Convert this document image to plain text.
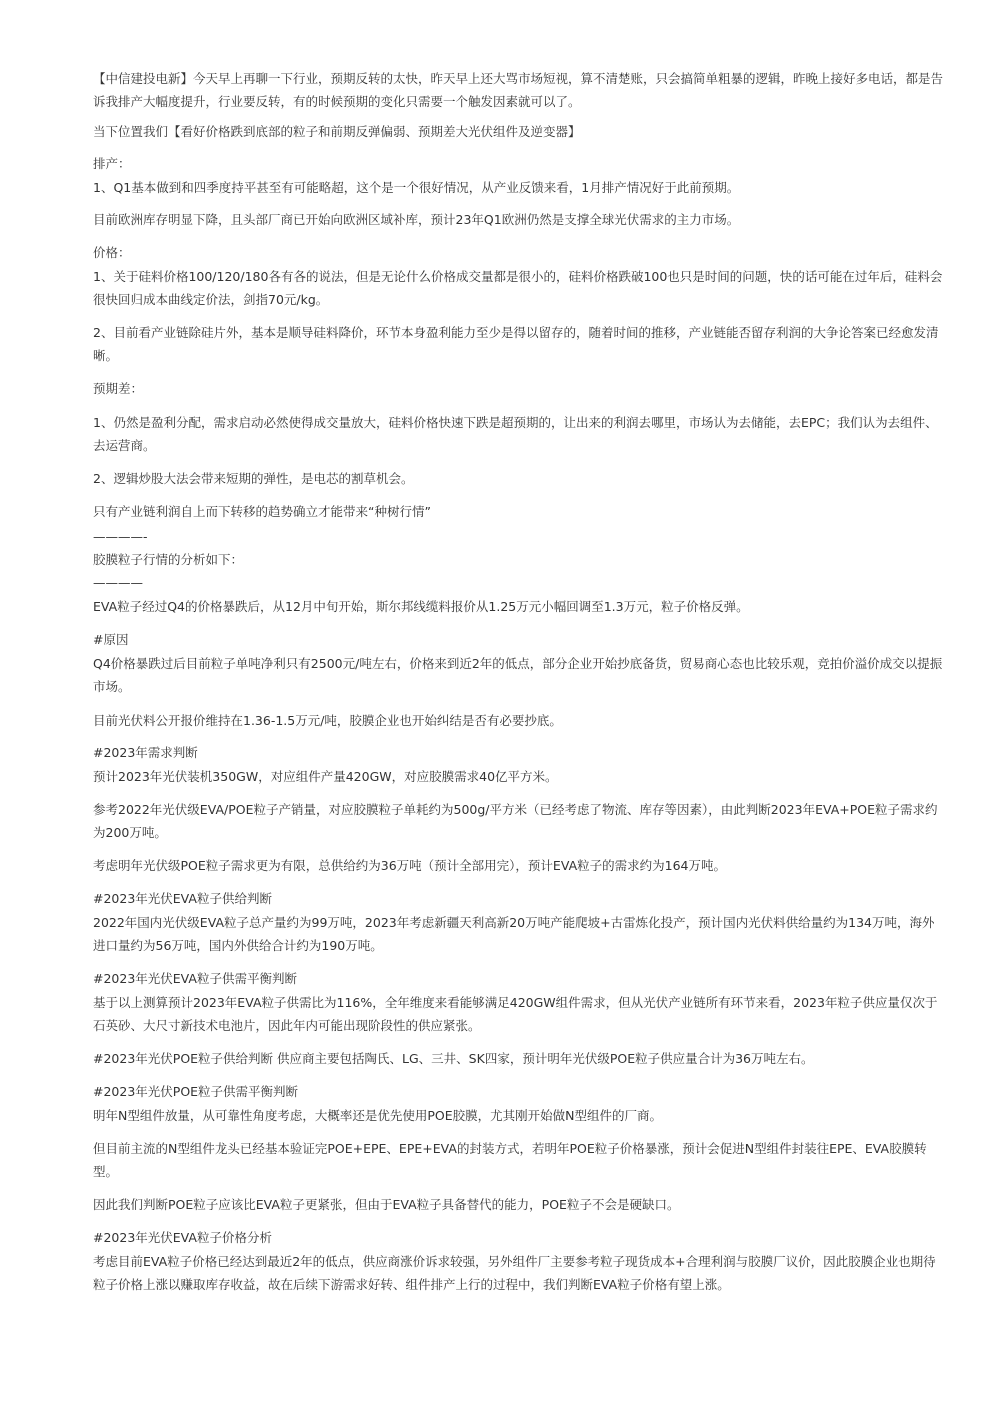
【中信建投电新】今天早上再聊一下行业，预期反转的太快，昨天早上还大骂市场短视，算不清楚账，只会搞简单粗暴的逻辑，昨晚上接好多电话，都是告诉我排产大幅度提升，行业要反转，有的时候预期的变化只需要一个触发因素就可以了。

当下位置我们【看好价格跌到底部的粒子和前期反弹偏弱、预期差大光伏组件及逆变器】

排产：

1、Q1基本做到和四季度持平甚至有可能略超，这个是一个很好情况，从产业反馈来看，1月排产情况好于此前预期。

目前欧洲库存明显下降，且头部厂商已开始向欧洲区域补库，预计23年Q1欧洲仍然是支撑全球光伏需求的主力市场。

价格：

1、关于硅料价格100/120/180各有各的说法，但是无论什么价格成交量都是很小的，硅料价格跌破100也只是时间的问题，快的话可能在过年后，硅料会很快回归成本曲线定价法，剑指70元/kg。

2、目前看产业链除硅片外，基本是顺导硅料降价，环节本身盈利能力至少是得以留存的，随着时间的推移，产业链能否留存利润的大争论答案已经愈发清晰。

预期差：

1、仍然是盈利分配，需求启动必然使得成交量放大，硅料价格快速下跌是超预期的，让出来的利润去哪里，市场认为去储能，去EPC；我们认为去组件、去运营商。

2、逻辑炒股大法会带来短期的弹性，是电芯的割草机会。

只有产业链利润自上而下转移的趋势确立才能带来“种树行情”

————-

胶膜粒子行情的分析如下：

————

EVA粒子经过Q4的价格暴跌后，从12月中旬开始，斯尔邦线缆料报价从1.25万元小幅回调至1.3万元，粒子价格反弹。

#原因

Q4价格暴跌过后目前粒子单吨净利只有2500元/吨左右，价格来到近2年的低点，部分企业开始抄底备货，贸易商心态也比较乐观，竞拍价溢价成交以提振市场。

目前光伏料公开报价维持在1.36-1.5万元/吨，胶膜企业也开始纠结是否有必要抄底。

#2023年需求判断

预计2023年光伏装机350GW，对应组件产量420GW，对应胶膜需求40亿平方米。

参考2022年光伏级EVA/POE粒子产销量，对应胶膜粒子单耗约为500g/平方米（已经考虑了物流、库存等因素），由此判断2023年EVA+POE粒子需求约为200万吨。

考虑明年光伏级POE粒子需求更为有限，总供给约为36万吨（预计全部用完），预计EVA粒子的需求约为164万吨。

#2023年光伏EVA粒子供给判断

2022年国内光伏级EVA粒子总产量约为99万吨，2023年考虑新疆天利高新20万吨产能爬坡+古雷炼化投产，预计国内光伏料供给量约为134万吨，海外进口量约为56万吨，国内外供给合计约为190万吨。

#2023年光伏EVA粒子供需平衡判断

基于以上测算预计2023年EVA粒子供需比为116%，全年维度来看能够满足420GW组件需求，但从光伏产业链所有环节来看，2023年粒子供应量仅次于石英砂、大尺寸新技术电池片，因此年内可能出现阶段性的供应紧张。

#2023年光伏POE粒子供给判断 供应商主要包括陶氏、LG、三井、SK四家，预计明年光伏级POE粒子供应量合计为36万吨左右。

#2023年光伏POE粒子供需平衡判断

明年N型组件放量，从可靠性角度考虑，大概率还是优先使用POE胶膜，尤其刚开始做N型组件的厂商。

但目前主流的N型组件龙头已经基本验证完POE+EPE、EPE+EVA的封装方式，若明年POE粒子价格暴涨，预计会促进N型组件封装往EPE、EVA胶膜转型。

因此我们判断POE粒子应该比EVA粒子更紧张，但由于EVA粒子具备替代的能力，POE粒子不会是硬缺口。

#2023年光伏EVA粒子价格分析

考虑目前EVA粒子价格已经达到最近2年的低点，供应商涨价诉求较强，另外组件厂主要参考粒子现货成本+合理利润与胶膜厂议价，因此胶膜企业也期待粒子价格上涨以赚取库存收益，故在后续下游需求好转、组件排产上行的过程中，我们判断EVA粒子价格有望上涨。
